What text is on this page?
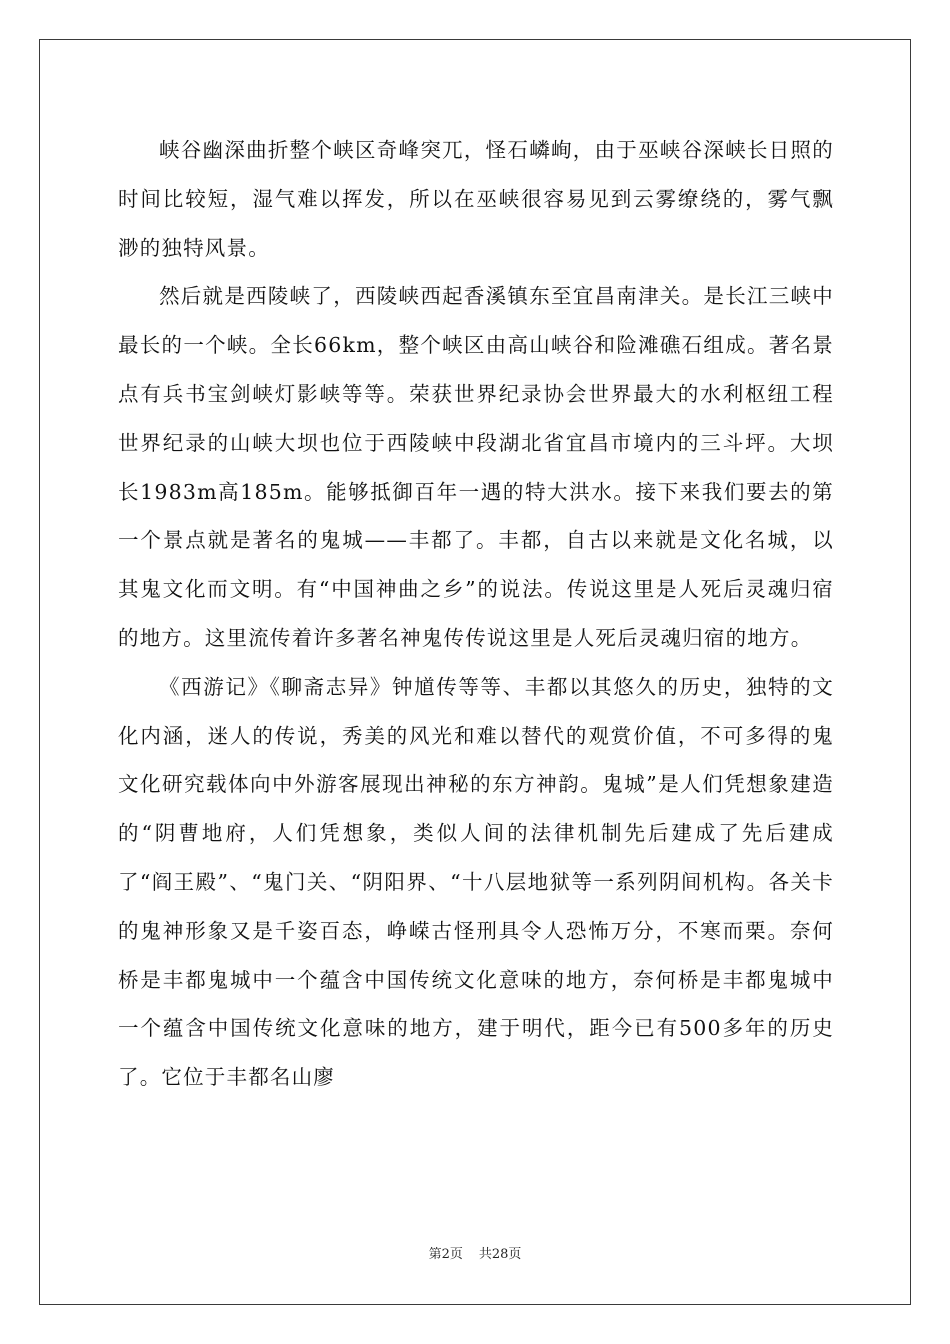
峡谷幽深曲折整个峡区奇峰突兀，怪石嶙峋，由于巫峡谷深峡长日照的时间比较短，湿气难以挥发，所以在巫峡很容易见到云雾缭绕的，雾气飘渺的独特风景。

然后就是西陵峡了，西陵峡西起香溪镇东至宜昌南津关。是长江三峡中最长的一个峡。全长66km，整个峡区由高山峡谷和险滩礁石组成。著名景点有兵书宝剑峡灯影峡等等。荣获世界纪录协会世界最大的水利枢纽工程世界纪录的山峡大坝也位于西陵峡中段湖北省宜昌市境内的三斗坪。大坝长1983m高185m。能够抵御百年一遇的特大洪水。接下来我们要去的第一个景点就是著名的鬼城——丰都了。丰都，自古以来就是文化名城，以其鬼文化而文明。有“中国神曲之乡”的说法。传说这里是人死后灵魂归宿的地方。这里流传着许多著名神鬼传传说这里是人死后灵魂归宿的地方。

《西游记》《聊斋志异》钟馗传等等、丰都以其悠久的历史，独特的文化内涵，迷人的传说，秀美的风光和难以替代的观赏价值，不可多得的鬼文化研究载体向中外游客展现出神秘的东方神韵。鬼城”是人们凭想象建造的“阴曹地府，人们凭想象，类似人间的法律机制先后建成了先后建成了“阎王殿”、“鬼门关、“阴阳界、“十八层地狱等一系列阴间机构。各关卡的鬼神形象又是千姿百态，峥嵘古怪刑具令人恐怖万分，不寒而栗。奈何桥是丰都鬼城中一个蕴含中国传统文化意味的地方，奈何桥是丰都鬼城中一个蕴含中国传统文化意味的地方，建于明代，距今已有500多年的历史了。它位于丰都名山廖

第2页 共28页
